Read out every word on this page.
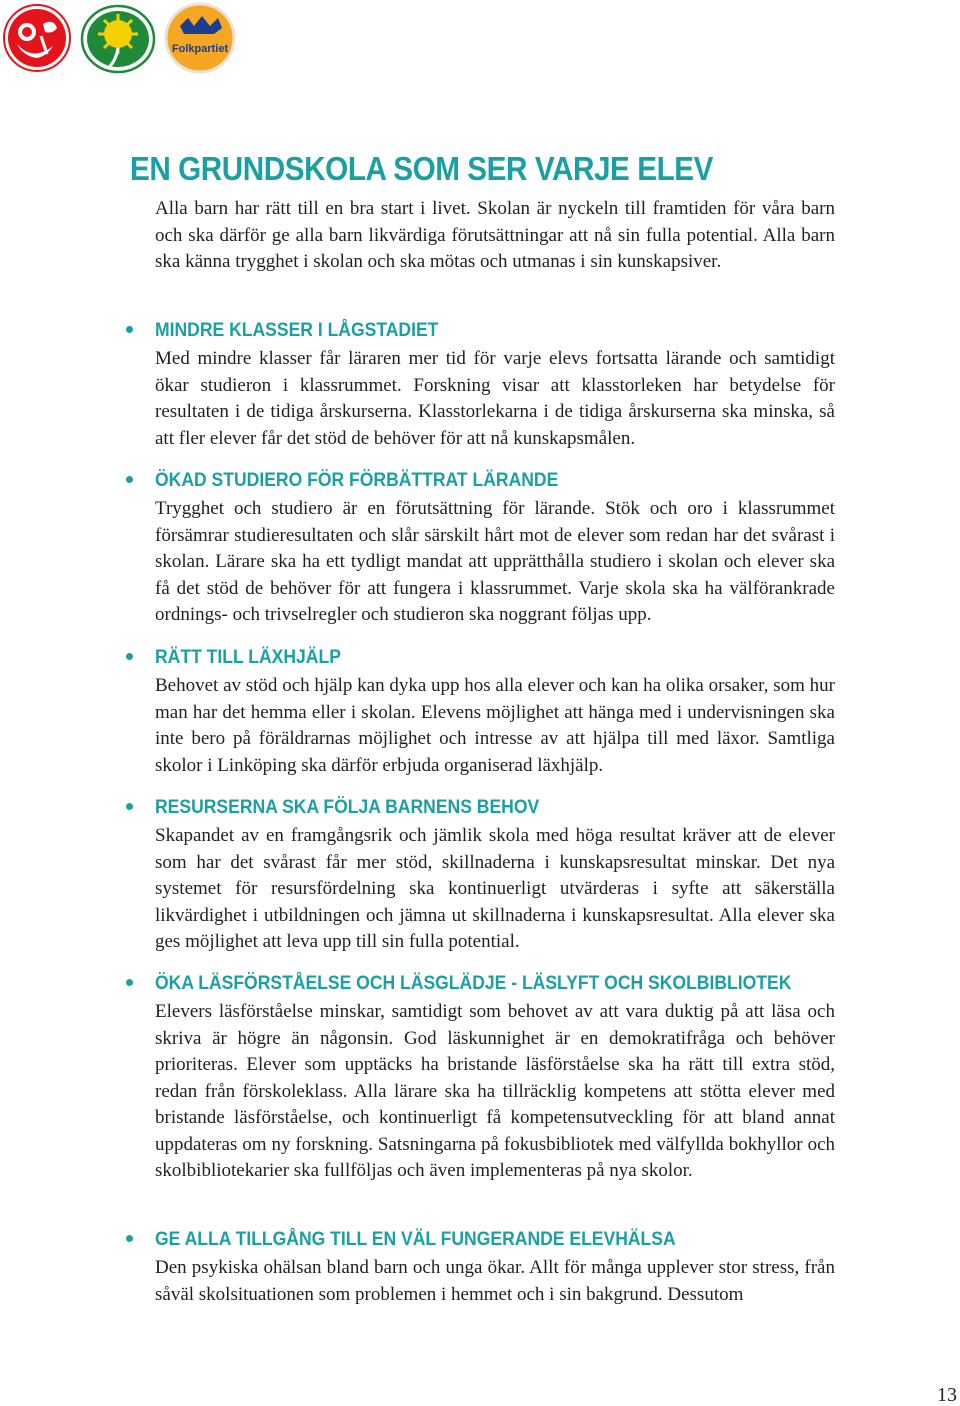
Folkpartiet
EN GRUNDSKOLA SOM SER VARJE ELEV

Alla barn har rätt till en bra start i livet. Skolan är nyckeln till framtiden för våra barn och ska därför ge alla barn likvärdiga förutsättningar att nå sin fulla potential. Alla barn ska känna trygghet i skolan och ska mötas och utmanas i sin kunskapsiver.

MINDRE KLASSER I LÅGSTADIET

Med mindre klasser får läraren mer tid för varje elevs fortsatta lärande och samtidigt ökar studieron i klassrummet. Forskning visar att klasstorleken har betydelse för resultaten i de tidiga årskurserna. Klasstorlekarna i de tidiga årskurserna ska minska, så att fler elever får det stöd de behöver för att nå kunskapsmålen.

ÖKAD STUDIERO FÖR FÖRBÄTTRAT LÄRANDE

Trygghet och studiero är en förutsättning för lärande. Stök och oro i klassrummet försämrar studieresultaten och slår särskilt hårt mot de elever som redan har det svårast i skolan. Lärare ska ha ett tydligt mandat att upprätthålla studiero i skolan och elever ska få det stöd de behöver för att fungera i klassrummet. Varje skola ska ha välförankrade ordnings- och trivselregler och studieron ska noggrant följas upp.

RÄTT TILL LÄXHJÄLP

Behovet av stöd och hjälp kan dyka upp hos alla elever och kan ha olika orsaker, som hur man har det hemma eller i skolan. Elevens möjlighet att hänga med i undervisningen ska inte bero på föräldrarnas möjlighet och intresse av att hjälpa till med läxor. Samtliga skolor i Linköping ska därför erbjuda organiserad läxhjälp.

RESURSERNA SKA FÖLJA BARNENS BEHOV

Skapandet av en framgångsrik och jämlik skola med höga resultat kräver att de elever som har det svårast får mer stöd, skillnaderna i kunskapsresultat minskar. Det nya systemet för resursfördelning ska kontinuerligt utvärderas i syfte att säkerställa likvärdighet i utbildningen och jämna ut skillnaderna i kunskapsresultat. Alla elever ska ges möjlighet att leva upp till sin fulla potential.

ÖKA LÄSFÖRSTÅELSE OCH LÄSGLÄDJE - LÄSLYFT OCH SKOLBIBLIOTEK

Elevers läsförståelse minskar, samtidigt som behovet av att vara duktig på att läsa och skriva är högre än någonsin. God läskunnighet är en demokratifråga och behöver prioriteras. Elever som upptäcks ha bristande läsförståelse ska ha rätt till extra stöd, redan från förskoleklass. Alla lärare ska ha tillräcklig kompetens att stötta elever med bristande läsförståelse, och kontinuerligt få kompetensutveckling för att bland annat uppdateras om ny forskning. Satsningarna på fokusbibliotek med välfyllda bokhyllor och skolbibliotekarier ska fullföljas och även implementeras på nya skolor.

GE ALLA TILLGÅNG TILL EN VÄL FUNGERANDE ELEVHÄLSA

Den psykiska ohälsan bland barn och unga ökar. Allt för många upplever stor stress, från såväl skolsituationen som problemen i hemmet och i sin bakgrund. Dessutom

13
